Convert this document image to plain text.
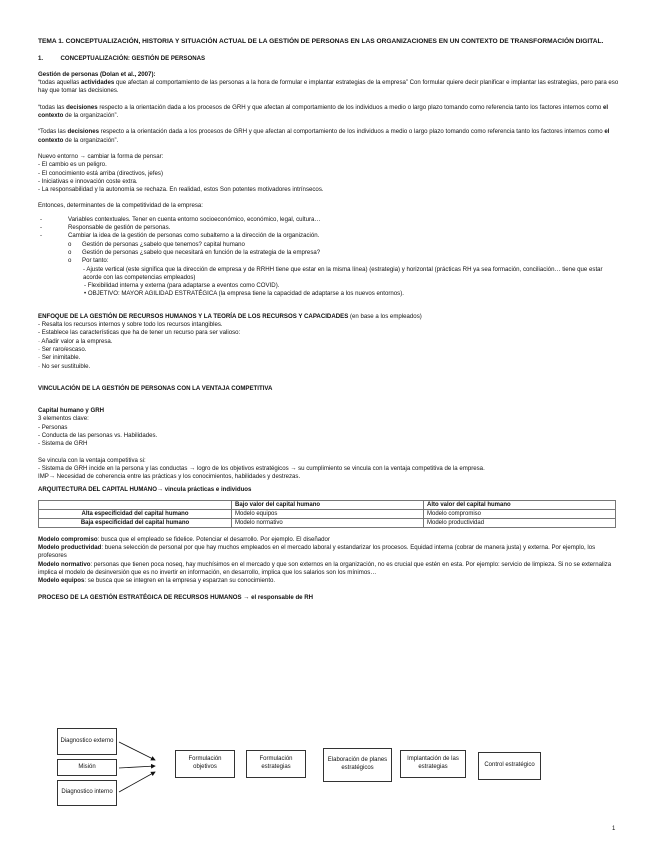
TEMA 1. CONCEPTUALIZACIÓN, HISTORIA Y SITUACIÓN ACTUAL DE LA GESTIÓN DE PERSONAS EN LAS ORGANIZACIONES EN UN CONTEXTO DE TRANSFORMACIÓN DIGITAL.

1.	CONCEPTUALIZACIÓN: GESTIÓN DE PERSONAS

Gestión de personas (Dolan et al., 2007):

“todas aquellas actividades que afectan al comportamiento de las personas a la hora de formular e implantar estrategias de la empresa” Con formular quiere decir planificar e implantar las estrategias, pero para eso hay que tomar las decisiones.

“todas las decisiones respecto a la orientación dada a los procesos de GRH y que afectan al comportamiento de los individuos a medio o largo plazo tomando como referencia tanto los factores internos como el contexto de la organización”.

“Todas las decisiones respecto a la orientación dada a los procesos de GRH y que afectan al comportamiento de los individuos a medio o largo plazo tomando como referencia tanto los factores internos como el contexto de la organización”.

Nuevo entorno → cambiar la forma de pensar:

- El cambio es un peligro.

- El conocimiento está arriba (directivos, jefes)

- Iniciativas e innovación coste extra.

- La responsabilidad y la autonomía se rechaza. En realidad, estos Son potentes motivadores intrínsecos.

Entonces, determinantes de la competitividad de la empresa:

-	Variables contextuales. Tener en cuenta entorno socioeconómico, económico, legal, cultura…
-	Responsable de gestión de personas.
-	Cambiar la idea de la gestión de personas como subalterno a la dirección de la organización.
o	Gestión de personas ¿sabelo que tenemos? capital humano
o	Gestión de personas ¿sabelo que necesitará en función de la estrategia de la empresa?
o	Por tanto:

- Ajuste vertical (este significa que la dirección de empresa y de RRHH tiene que estar en la misma línea) (estrategia) y horizontal (prácticas RH ya sea formación, conciliación… tiene que estar acorde con las competencias empleados)

- Flexibilidad interna y externa (para adaptarse a eventos como COVID).

• OBJETIVO: MAYOR AGILIDAD ESTRATÉGICA (la empresa tiene la capacidad de adaptarse a los nuevos entornos).

ENFOQUE DE LA GESTIÓN DE RECURSOS HUMANOS Y LA TEORÍA DE LOS RECURSOS Y CAPACIDADES (en base a los empleados)

- Resalta los recursos internos y sobre todo los recursos intangibles.

- Establece las características que ha de tener un recurso para ser valioso:

· Añadir valor a la empresa.

· Ser raro/escaso.

· Ser inimitable.

· No ser sustituible.

VINCULACIÓN DE LA GESTIÓN DE PERSONAS CON LA VENTAJA COMPETITIVA

Capital humano y GRH

3 elementos clave:

- Personas

- Conducta de las personas vs. Habilidades.

- Sistema de GRH

Se vincula con la ventaja competitiva si:

- Sistema de GRH incide en la persona y las conductas → logro de los objetivos estratégicos → su cumplimiento se vincula con la ventaja competitiva de la empresa.

IMP→ Necesidad de coherencia entre las prácticas y los conocimientos, habilidades y destrezas.

ARQUITECTURA DEL CAPITAL HUMANO→ vincula prácticas e individuos

	Bajo valor del capital humano	Alto valor del capital humano
Alta especificidad del capital humano	Modelo equipos	Modelo compromiso
Baja especificidad del capital humano	Modelo normativo	Modelo productividad

Modelo compromiso: busca que el empleado se fidelice. Potenciar el desarrollo. Por ejemplo. El diseñador

Modelo productividad: buena selección de personal por que hay muchos empleados en el mercado laboral y estandarizar los procesos. Equidad interna (cobrar de manera justa) y externa. Por ejemplo, los profesores

Modelo normativo: personas que tienen poca noseq, hay muchísimos en el mercado y que son externos en la organización, no es crucial que estén en esta. Por ejemplo: servicio de limpieza. Si no se externaliza implica el modelo de desinversión que es no invertir en información, en desarrollo, implica que los salarios son los mínimos…

Modelo equipos: se busca que se integren en la empresa y esparzan su conocimiento.

PROCESO DE LA GESTIÓN ESTRATÉGICA DE RECURSOS HUMANOS → el responsable de RH

Diagnostico externo
Misión
Diagnostico interno
Formulación objetivos
Formulación estrategias
Elaboración de planes estratégicos
Implantación de las estrategias	Control estratégico
1
